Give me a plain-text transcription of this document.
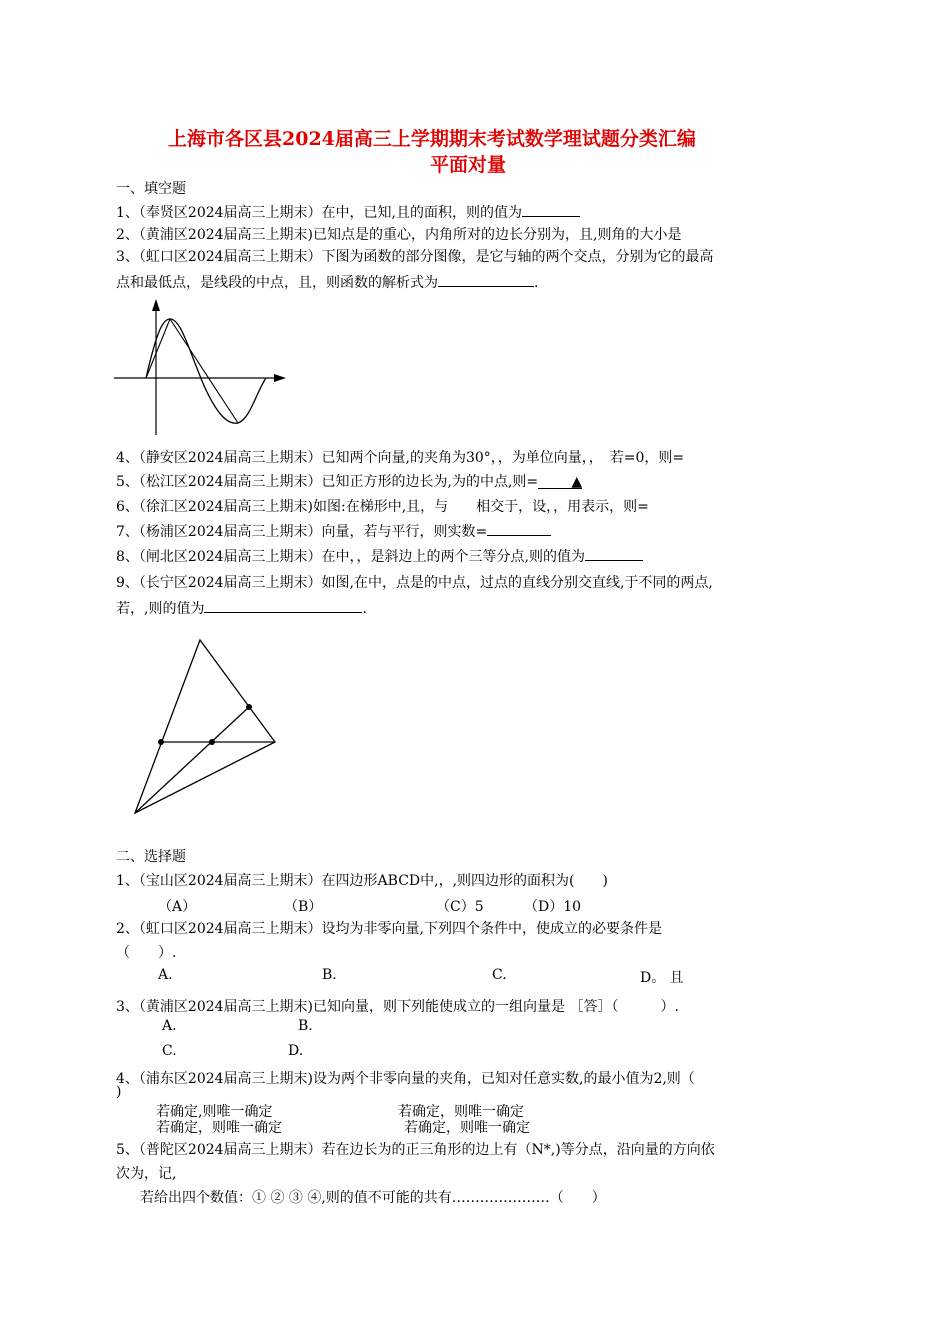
上海市各区县2024届高三上学期期末考试数学理试题分类汇编
平面对量
一、填空题
1、（奉贤区2024届高三上期末）在中，已知,且的面积，则的值为
2、（黄浦区2024届高三上期末)已知点是的重心，内角所对的边长分别为，且,则角的大小是
3、（虹口区2024届高三上期末）下图为函数的部分图像，是它与轴的两个交点，分别为它的最高
点和最低点，是线段的中点，且，则函数的解析式为	.
4、（静安区2024届高三上期末）已知两个向量,的夹角为30°，，为单位向量，，　若=0，则=
5、（松江区2024届高三上期末）已知正方形的边长为,为的中点,则= ▲
6、（徐汇区2024届高三上期末)如图:在梯形中,且，与　　相交于，设，，用表示，则=
7、（杨浦区2024届高三上期末）向量，若与平行，则实数=
8、（闸北区2024届高三上期末）在中，，是斜边上的两个三等分点,则的值为
9、（长宁区2024届高三上期末）如图,在中，点是的中点，过点的直线分别交直线,于不同的两点,
若，,则的值为	.
二、选择题
1、（宝山区2024届高三上期末）在四边形ABCD中,，,则四边形的面积为(　　)
（A）	（B）	（C）5	（D）10
2、（虹口区2024届高三上期末）设均为非零向量,下列四个条件中，使成立的必要条件是
（　　）.
A.	B.	C.	D。 且
3、（黄浦区2024届高三上期末)已知向量，则下列能使成立的一组向量是 ［答］（　　　）.
A.	B.
C.	D.
4、（浦东区2024届高三上期末)设为两个非零向量的夹角，已知对任意实数,的最小值为2,则（
)
若确定,则唯一确定	若确定，则唯一确定
若确定，则唯一确定	若确定，则唯一确定
5、（普陀区2024届高三上期末）若在边长为的正三角形的边上有（N*,)等分点，沿向量的方向依
次为，记,
若给出四个数值：① ② ③ ④,则的值不可能的共有…………………（　　）
